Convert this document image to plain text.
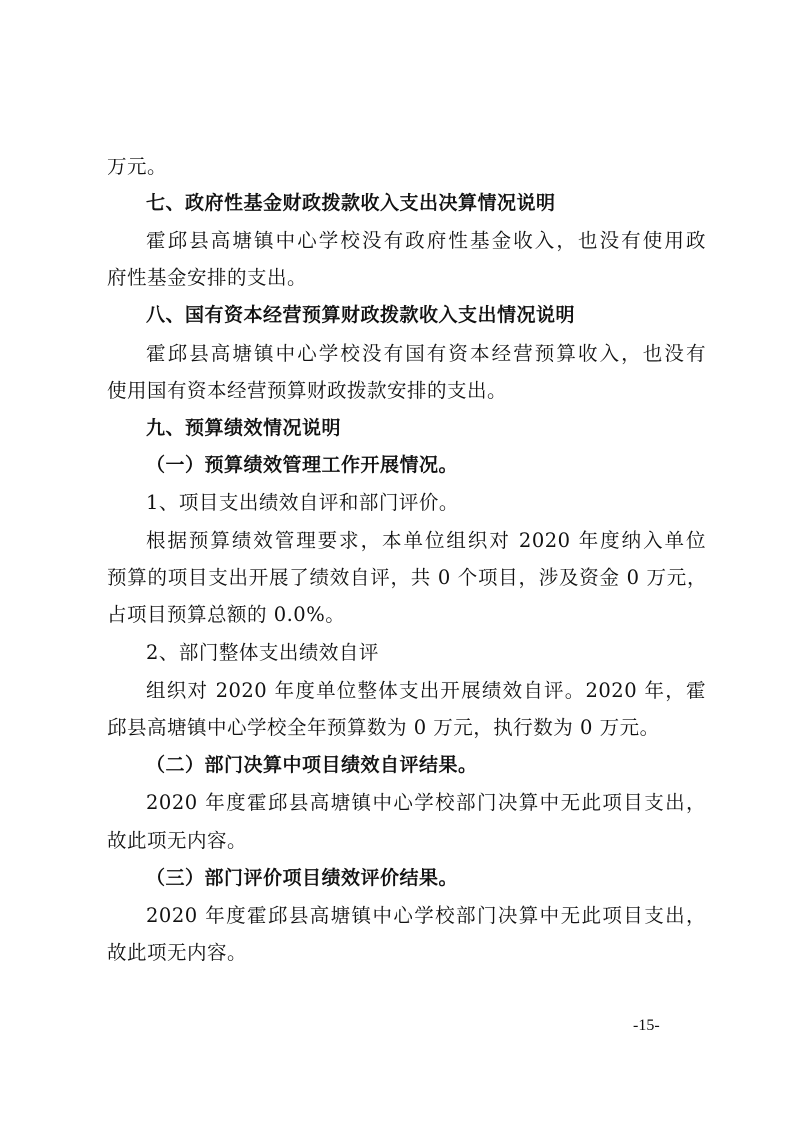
万元。
七、政府性基金财政拨款收入支出决算情况说明
霍邱县高塘镇中心学校没有政府性基金收入，也没有使用政
府性基金安排的支出。
八、国有资本经营预算财政拨款收入支出情况说明
霍邱县高塘镇中心学校没有国有资本经营预算收入，也没有
使用国有资本经营预算财政拨款安排的支出。
九、预算绩效情况说明
（一）预算绩效管理工作开展情况。
1、项目支出绩效自评和部门评价。
根据预算绩效管理要求，本单位组织对 2020 年度纳入单位
预算的项目支出开展了绩效自评，共 0 个项目，涉及资金 0 万元，
占项目预算总额的 0.0%。
2、部门整体支出绩效自评
组织对 2020 年度单位整体支出开展绩效自评。2020 年，霍
邱县高塘镇中心学校全年预算数为 0 万元，执行数为 0 万元。
（二）部门决算中项目绩效自评结果。
2020 年度霍邱县高塘镇中心学校部门决算中无此项目支出，
故此项无内容。
（三）部门评价项目绩效评价结果。
2020 年度霍邱县高塘镇中心学校部门决算中无此项目支出，
故此项无内容。
-15-
